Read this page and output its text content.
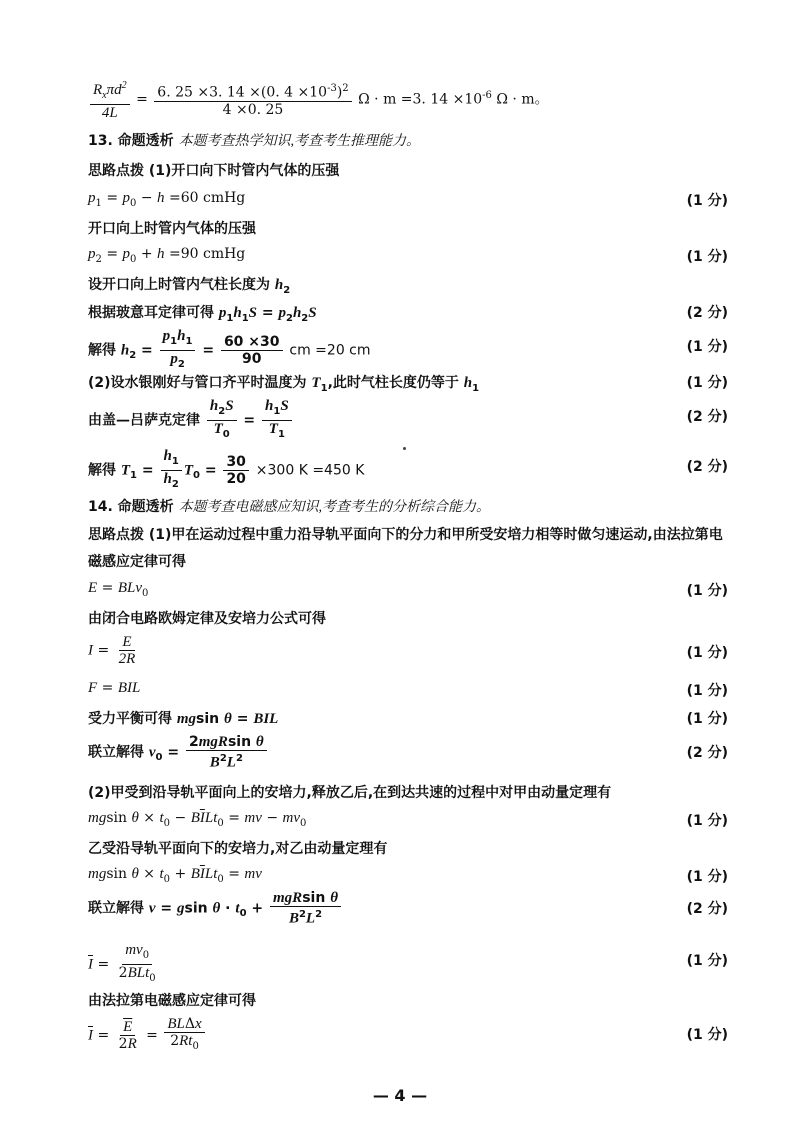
$\frac{R_x\pi d^2}{4L} = \frac{6. 25 \times 3. 14 \times(0. 4 \times 10^{-3})^2}{4 \times 0. 25}$ Ω · m =3. $14 \times 10^{-6}$ Ω · m。
13. 命题透析 本题考查热学知识,考查考生推理能力。
思路点拨 (1)开口向下时管内气体的压强
$p_1 = p_0 - h =60$ cmHg	(1 分)
开口向上时管内气体的压强
$p_2 = p_0 + h =90$ cmHg	(1 分)
设开口向上时管内气柱长度为 $h_2$
根据玻意耳定律可得 $p_1h_1S = p_2h_2S$	(2 分)
解得 $h_2 = \frac{p_1h_1}{p_2} = \frac{60 \times 30}{90}$ cm =20 cm	(1 分)
(2)设水银刚好与管口齐平时温度为 $T_1$,此时气柱长度仍等于 $h_1$	(1 分)
由盖—吕萨克定律 $\frac{h_2S}{T_0} = \frac{h_1S}{T_1}$	(2 分)
解得 $T_1 = \frac{h_1}{h_2} T_0 = \frac{30}{20} \times 300$ K =450 K	(2 分)
14. 命题透析 本题考查电磁感应知识,考查考生的分析综合能力。
思路点拨 (1)甲在运动过程中重力沿导轨平面向下的分力和甲所受安培力相等时做匀速运动,由法拉第电
磁感应定律可得
E = BLv$_0$	(1 分)
由闭合电路欧姆定律及安培力公式可得
$I = \frac{E}{2R}$	(1 分)
F = BIL	(1 分)
受力平衡可得 mgsin θ = BIL	(1 分)
联立解得 $v_0 = \frac{\text{2mgRsin θ}}{B^2L^2}$	(2 分)
(2)甲受到沿导轨平面向上的安培力,释放乙后,在到达共速的过程中对甲由动量定理有
mgsin $\theta \times t_0 - B\overline{I}Lt_0$ = mv − $mv_0$	(1 分)
乙受沿导轨平面向下的安培力,对乙由动量定理有
mgsin $\theta \times t_0 + B\overline{I}Lt_0$ = mv	(1 分)
联立解得 v = gsin $\theta \cdot t_0 + \frac{\text{mgRsin θ}}{B^2L^2}$	(2 分)
$\overline{I} = \frac{mv_0}{2BLt_0}$	(1 分)
由法拉第电磁感应定律可得
$\overline{I} = \frac{\overline{E}}{2R} = \frac{\text{BLΔx}}{2Rt_0}$	(1 分)
— 4 —
